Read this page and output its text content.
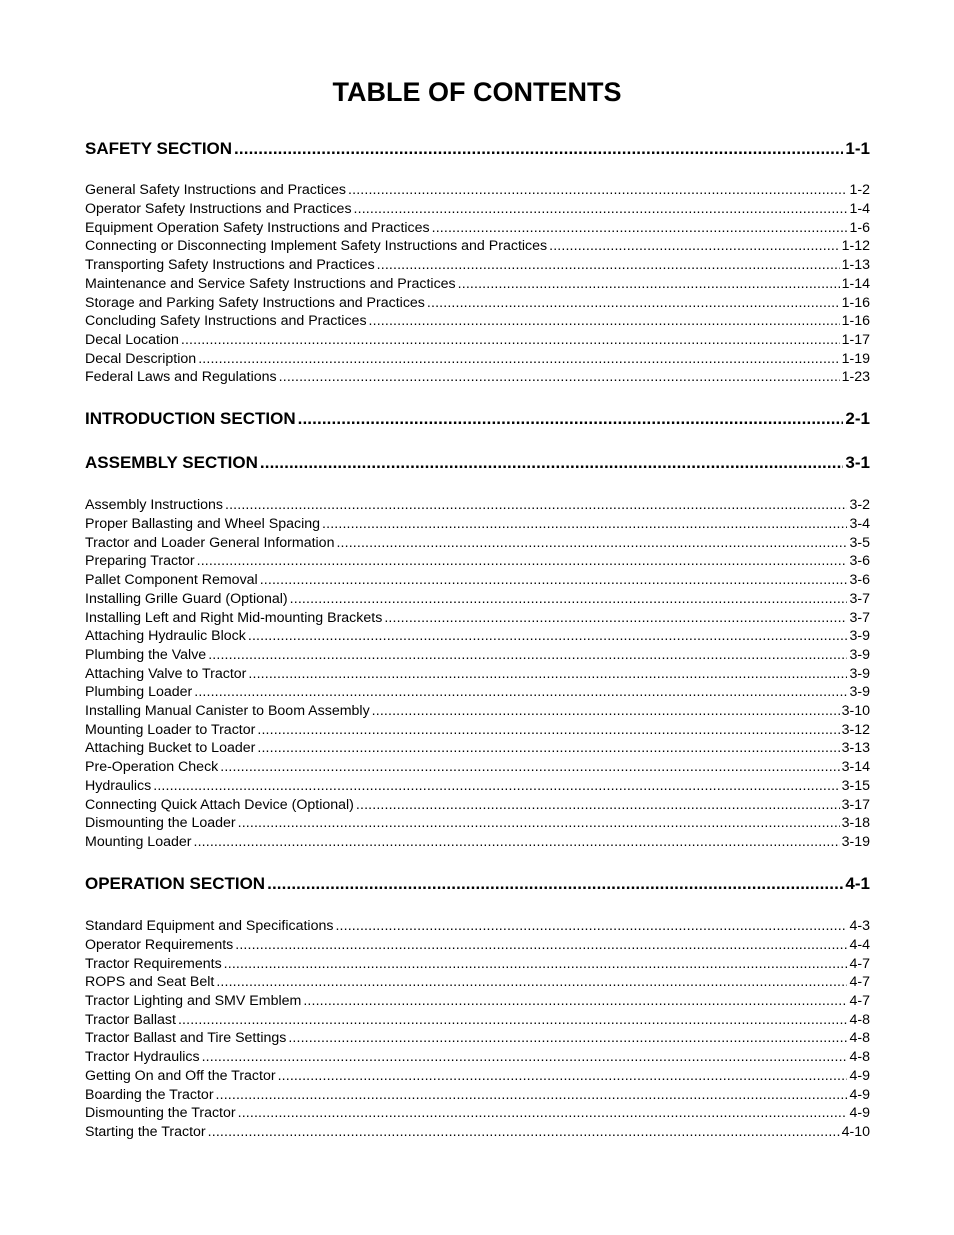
TABLE OF CONTENTS
SAFETY SECTION . . .	1-1
General Safety Instructions and Practices . . .	1-2
Operator Safety Instructions and Practices . . .	1-4
Equipment Operation Safety Instructions and Practices . . .	1-6
Connecting or Disconnecting Implement Safety Instructions and Practices . . .	1-12
Transporting Safety Instructions and Practices . . .	1-13
Maintenance and Service Safety Instructions and Practices . . .	1-14
Storage and Parking Safety Instructions and Practices . . .	1-16
Concluding Safety Instructions and Practices . . .	1-16
Decal Location . . .	1-17
Decal Description . . .	1-19
Federal Laws and Regulations . . .	1-23
INTRODUCTION SECTION . . .	2-1
ASSEMBLY SECTION . . .	3-1
Assembly Instructions . . .	3-2
Proper Ballasting and Wheel Spacing . . .	3-4
Tractor and Loader General Information . . .	3-5
Preparing Tractor . . .	3-6
Pallet Component Removal . . .	3-6
Installing Grille Guard (Optional) . . .	3-7
Installing Left and Right Mid-mounting Brackets . . .	3-7
Attaching Hydraulic Block . . .	3-9
Plumbing the Valve . . .	3-9
Attaching Valve to Tractor . . .	3-9
Plumbing Loader . . .	3-9
Installing Manual Canister to Boom Assembly . . .	3-10
Mounting Loader to Tractor . . .	3-12
Attaching Bucket to Loader . . .	3-13
Pre-Operation Check . . .	3-14
Hydraulics . . .	3-15
Connecting Quick Attach Device (Optional) . . .	3-17
Dismounting the Loader . . .	3-18
Mounting Loader . . .	3-19
OPERATION SECTION . . .	4-1
Standard Equipment and Specifications . . .	4-3
Operator Requirements . . .	4-4
Tractor Requirements . . .	4-7
ROPS and Seat Belt . . .	4-7
Tractor Lighting and SMV Emblem . . .	4-7
Tractor Ballast . . .	4-8
Tractor Ballast and Tire Settings . . .	4-8
Tractor Hydraulics . . .	4-8
Getting On and Off the Tractor . . .	4-9
Boarding the Tractor . . .	4-9
Dismounting the Tractor . . .	4-9
Starting the Tractor . . .	4-10
